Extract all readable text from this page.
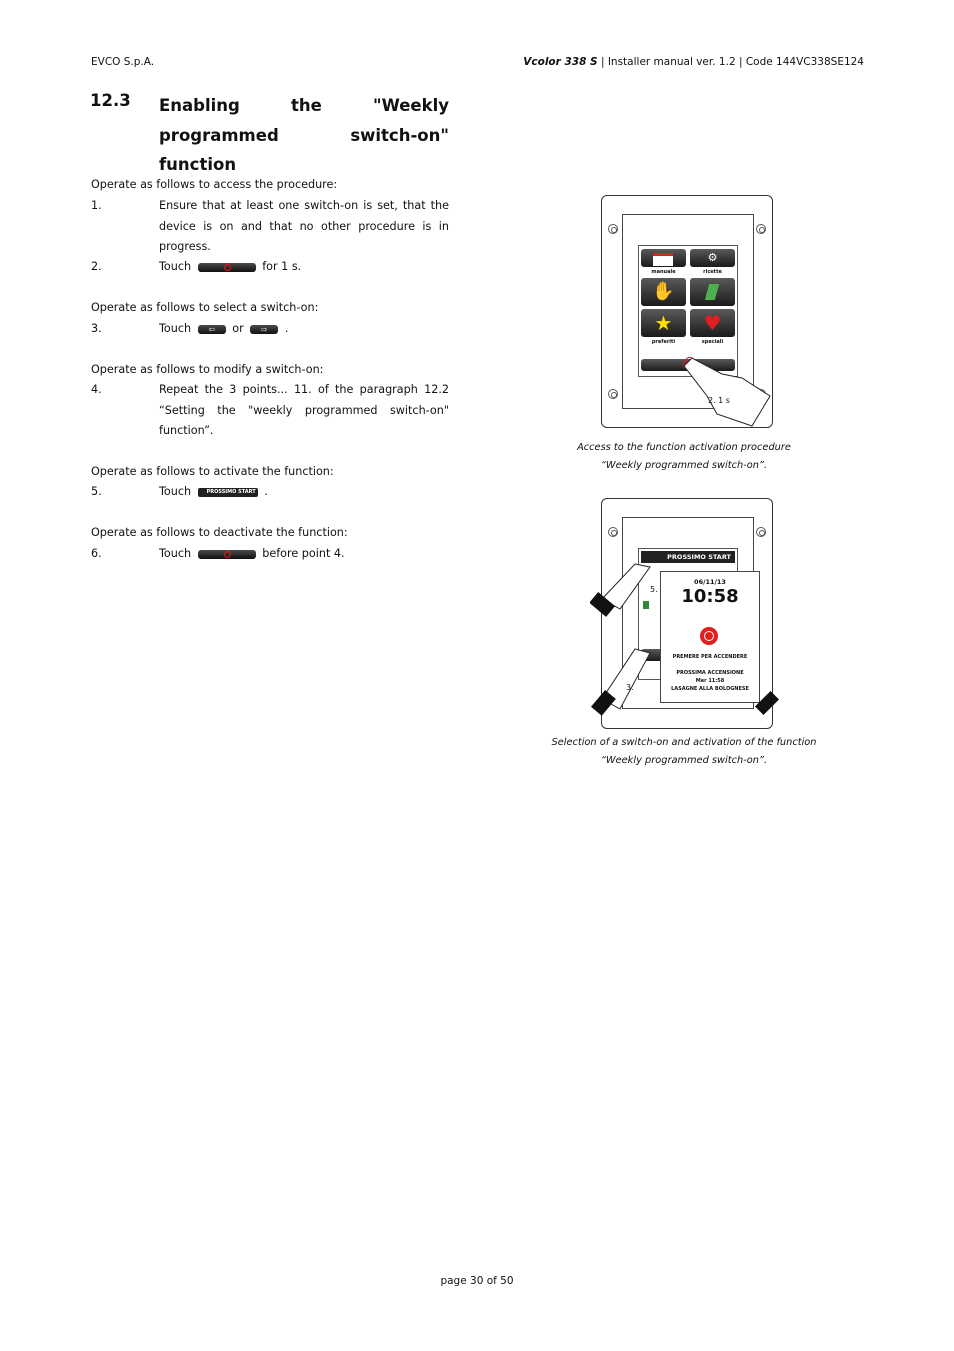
EVCO S.p.A.	Vcolor 338 S | Installer manual ver. 1.2 | Code 144VC338SE124
12.3 Enabling	the	"Weekly
programmed	switch-on"
function
Operate as follows to access the procedure:
1.	Ensure that at least one switch-on is set, that the device is on and that no other procedure is in progress.
2.	Touch	for 1 s.
Operate as follows to select a switch-on:
3.	Touch ⇦ or ⇨ .
Operate as follows to modify a switch-on:
4.	Repeat the 3 points... 11. of the paragraph 12.2 “Setting the "weekly programmed switch-on" function”.
Operate as follows to activate the function:
5.	Touch	PROSSIMO START .
Operate as follows to deactivate the function:
6.	Touch	before point 4.
⚙
manuale	ricette
✋
★	♥
preferiti	speciali
2. 1 s
Access to the function activation procedure
“Weekly programmed switch-on”.
PROSSIMO START
06/11/13
10:58
PREMERE PER ACCENDERE
PROSSIMA ACCENSIONE
Mer 11:58
LASAGNE ALLA BOLOGNESE
5.
3.
Selection of a switch-on and activation of the function
“Weekly programmed switch-on”.
page 30 of 50
